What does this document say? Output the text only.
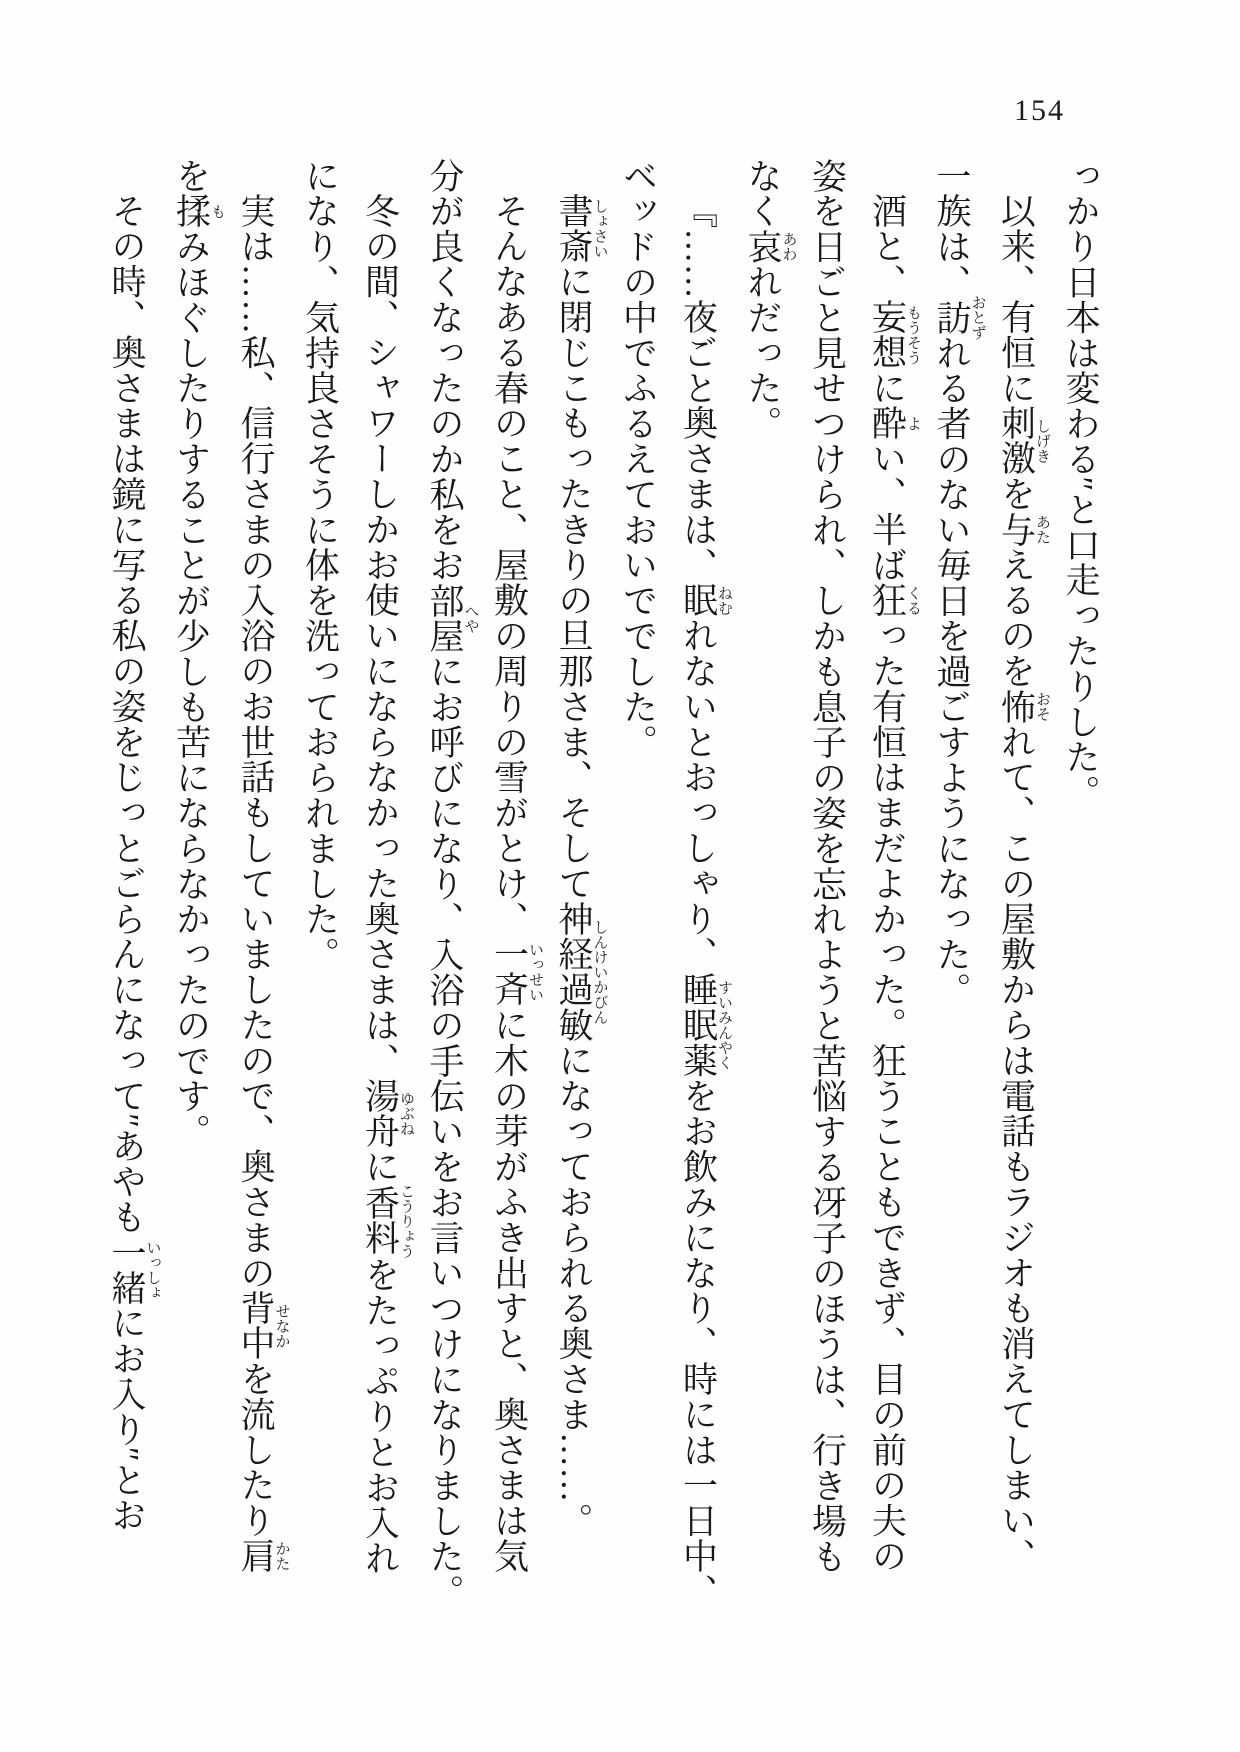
154
っかり日本は変わる″と口走ったりした。
以来、有恒に刺激しげきを与あたえるのを怖おそれて、この屋敷からは電話もラジオも消えてしまい、
一族は、訪おとずれる者のない毎日を過ごすようになった。
酒と、妄想もうそうに酔よい、半ば狂くるった有恒はまだよかった。狂うこともできず、目の前の夫の
姿を日ごと見せつけられ、しかも息子の姿を忘れようと苦悩する冴子のほうは、行き場も
なく哀あわれだった。
『……夜ごと奥さまは、眠ねむれないとおっしゃり、睡眠薬すいみんやくをお飲みになり、時には一日中、
ベッドの中でふるえておいででした。
書斎しょさいに閉じこもったきりの旦那さま、そして神経過敏しんけいかびんになっておられる奥さま……。
そんなある春のこと、屋敷の周りの雪がとけ、一斉いっせいに木の芽がふき出すと、奥さまは気
分が良くなったのか私をお部屋へやにお呼びになり、入浴の手伝いをお言いつけになりました。
冬の間、シャワーしかお使いにならなかった奥さまは、湯舟ゆぶねに香料こうりょうをたっぷりとお入れ
になり、気持良さそうに体を洗っておられました。
実は……私、信行さまの入浴のお世話もしていましたので、奥さまの背中せなかを流したり肩かた
を揉もみほぐしたりすることが少しも苦にならなかったのです。
その時、奥さまは鏡に写る私の姿をじっとごらんになって″あやも一緒いっしょにお入り″とお
